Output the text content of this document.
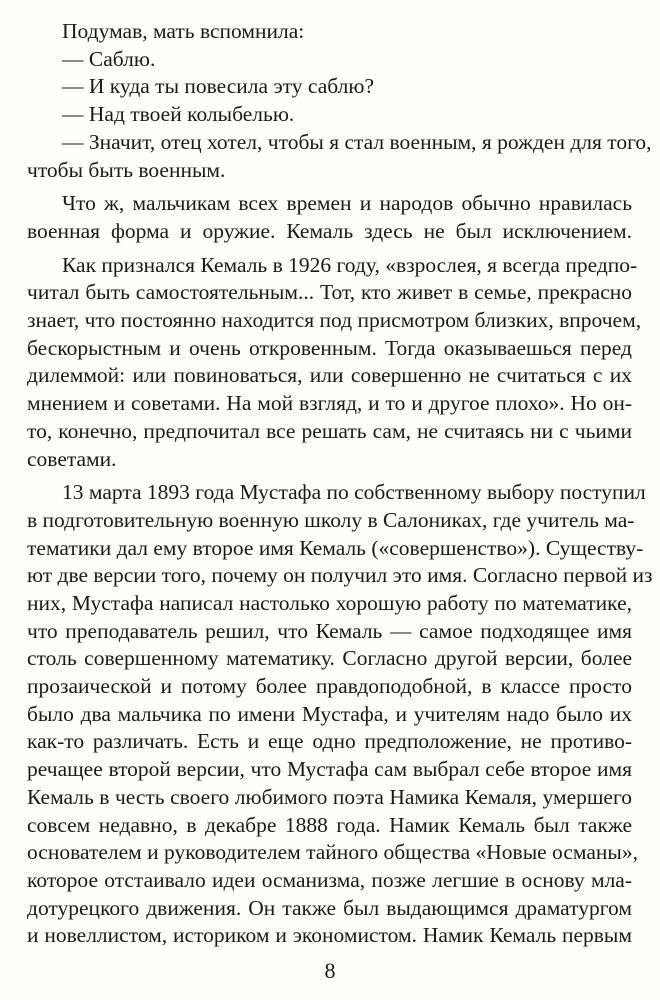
Подумав, мать вспомнила:
— Саблю.
— И куда ты повесила эту саблю?
— Над твоей колыбелью.
— Значит, отец хотел, чтобы я стал военным, я рожден для того,
чтобы быть военным.
Что ж, мальчикам всех времен и народов обычно нравилась
военная форма и оружие. Кемаль здесь не был исключением.
Как признался Кемаль в 1926 году, «взрослея, я всегда предпо-
читал быть самостоятельным... Тот, кто живет в семье, прекрасно
знает, что постоянно находится под присмотром близких, впрочем,
бескорыстным и очень откровенным. Тогда оказываешься перед
дилеммой: или повиноваться, или совершенно не считаться с их
мнением и советами. На мой взгляд, и то и другое плохо». Но он-
то, конечно, предпочитал все решать сам, не считаясь ни с чьими
советами.
13 марта 1893 года Мустафа по собственному выбору поступил
в подготовительную военную школу в Салониках, где учитель ма-
тематики дал ему второе имя Кемаль («совершенство»). Существу-
ют две версии того, почему он получил это имя. Согласно первой из
них, Мустафа написал настолько хорошую работу по математике,
что преподаватель решил, что Кемаль — самое подходящее имя
столь совершенному математику. Согласно другой версии, более
прозаической и потому более правдоподобной, в классе просто
было два мальчика по имени Мустафа, и учителям надо было их
как-то различать. Есть и еще одно предположение, не противо-
речащее второй версии, что Мустафа сам выбрал себе второе имя
Кемаль в честь своего любимого поэта Намика Кемаля, умершего
совсем недавно, в декабре 1888 года. Намик Кемаль был также
основателем и руководителем тайного общества «Новые османы»,
которое отстаивало идеи османизма, позже легшие в основу мла-
дотурецкого движения. Он также был выдающимся драматургом
и новеллистом, историком и экономистом. Намик Кемаль первым
8
